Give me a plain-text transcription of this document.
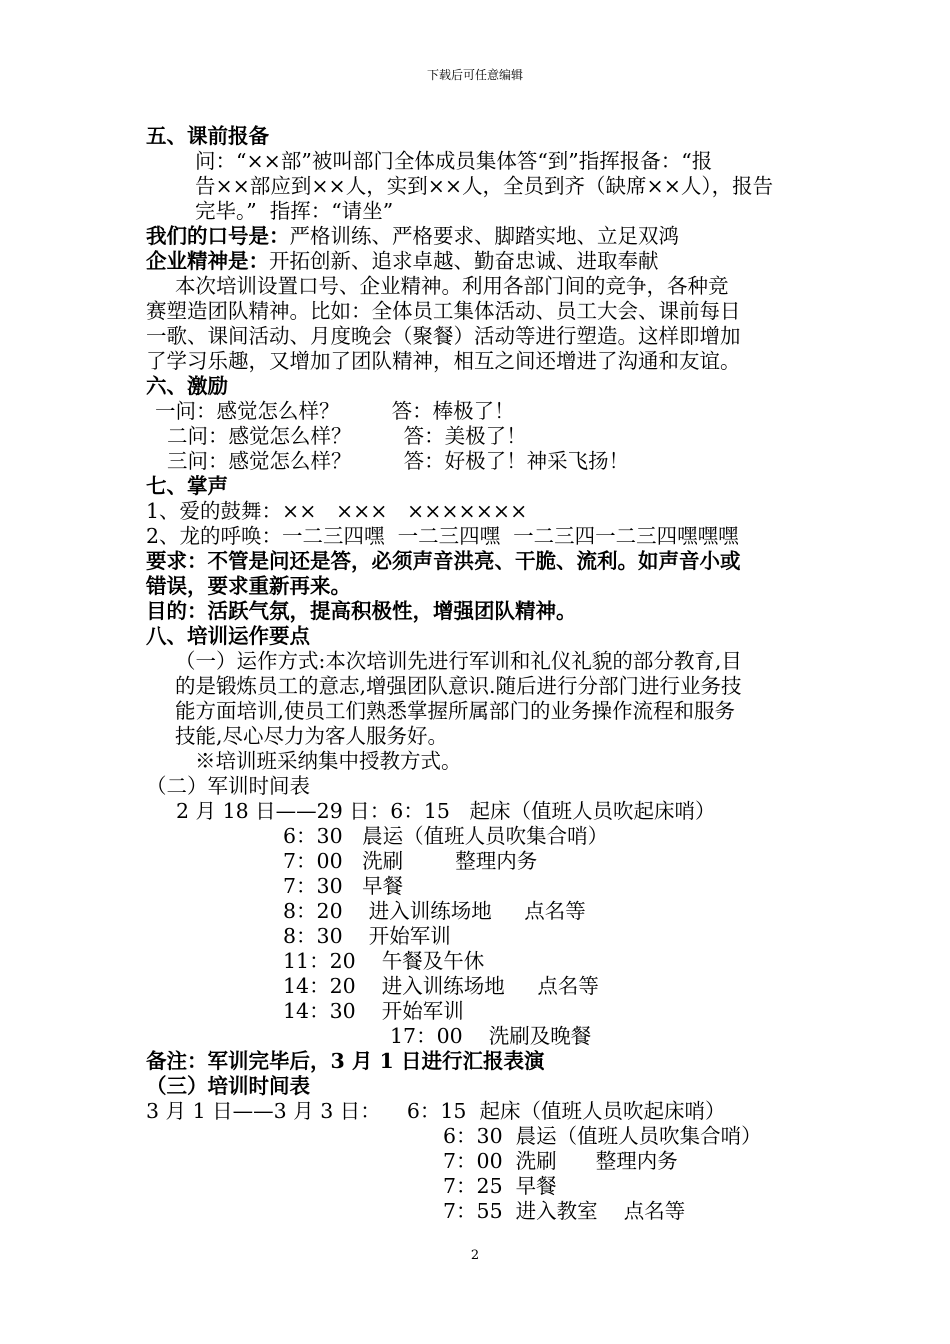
下载后可任意编辑
五、课前报备
问：“××部”被叫部门全体成员集体答“到”指挥报备：“报
告××部应到××人，实到××人，全员到齐（缺席××人），报告
完毕。”  指挥：“请坐”
我们的口号是：严格训练、严格要求、脚踏实地、立足双鸿
企业精神是：开拓创新、追求卓越、勤奋忠诚、进取奉献
本次培训设置口号、企业精神。利用各部门间的竞争，各种竞
赛塑造团队精神。比如：全体员工集体活动、员工大会、课前每日
一歌、课间活动、月度晚会（聚餐）活动等进行塑造。这样即增加
了学习乐趣，又增加了团队精神，相互之间还增进了沟通和友谊。
六、激励
一问：感觉怎么样？        答：棒极了！
二问：感觉怎么样？        答：美极了！
三问：感觉怎么样？        答：好极了！神采飞扬！
七、掌声
1、爱的鼓舞：××   ×××   ×××××××
2、龙的呼唤：一二三四嘿  一二三四嘿  一二三四一二三四嘿嘿嘿
要求：不管是问还是答，必须声音洪亮、干脆、流利。如声音小或
错误，要求重新再来。
目的：活跃气氛，提高积极性，增强团队精神。
八、培训运作要点
（一）运作方式:本次培训先进行军训和礼仪礼貌的部分教育,目
的是锻炼员工的意志,增强团队意识.随后进行分部门进行业务技
能方面培训,使员工们熟悉掌握所属部门的业务操作流程和服务
技能,尽心尽力为客人服务好。
※培训班采纳集中授教方式。
（二）军训时间表
2 月 18 日——29 日：6：15   起床（值班人员吹起床哨）
6：30   晨运（值班人员吹集合哨）
7：00   洗刷        整理内务
7：30   早餐
8：20    进入训练场地     点名等
8：30    开始军训
11：20    午餐及午休
14：20    进入训练场地     点名等
14：30    开始军训
17：00    洗刷及晚餐
备注：军训完毕后，3 月 1 日进行汇报表演
（三）培训时间表
3 月 1 日——3 月 3 日：    6：15  起床（值班人员吹起床哨）
6：30  晨运（值班人员吹集合哨）
7：00  洗刷      整理内务
7：25  早餐
7：55  进入教室    点名等
2
